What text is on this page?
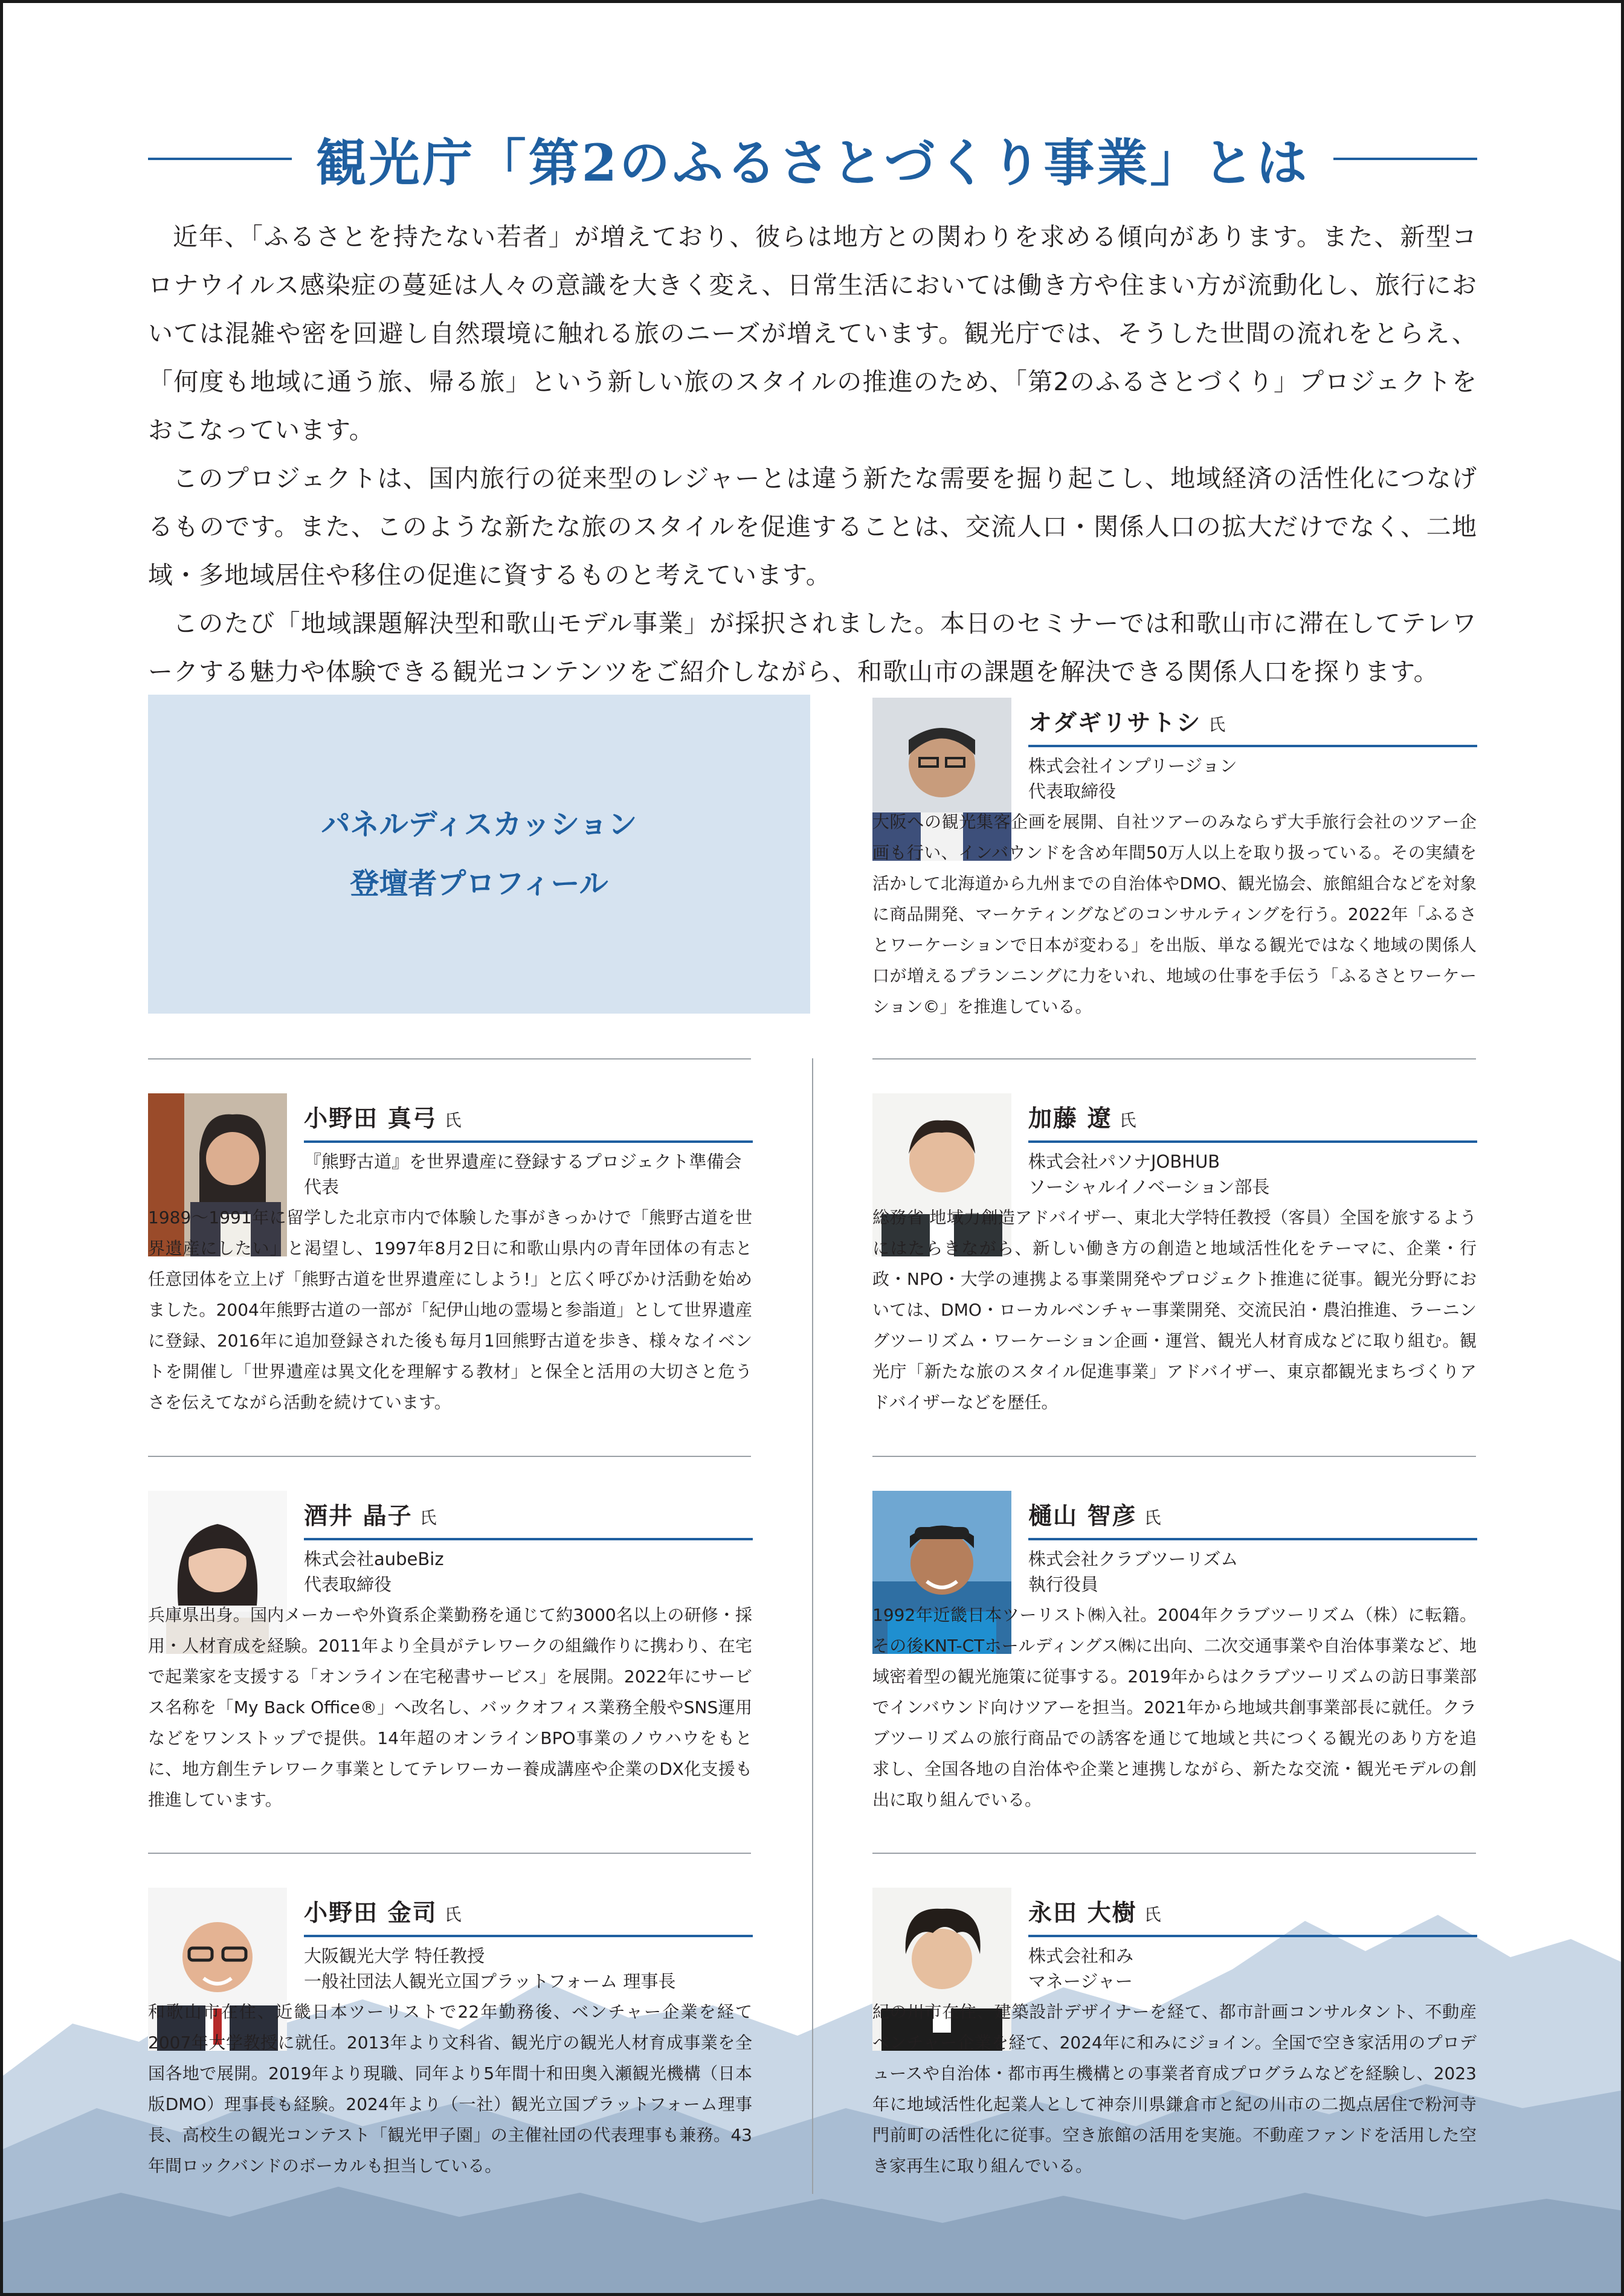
観光庁「第2のふるさとづくり事業」とは

近年、「ふるさとを持たない若者」が増えており、彼らは地方との関わりを求める傾向があります。また、新型コロナウイルス感染症の蔓延は人々の意識を大きく変え、日常生活においては働き方や住まい方が流動化し、旅行においては混雑や密を回避し自然環境に触れる旅のニーズが増えています。観光庁では、そうした世間の流れをとらえ、「何度も地域に通う旅、帰る旅」という新しい旅のスタイルの推進のため、「第2のふるさとづくり」プロジェクトをおこなっています。

このプロジェクトは、国内旅行の従来型のレジャーとは違う新たな需要を掘り起こし、地域経済の活性化につなげるものです。また、このような新たな旅のスタイルを促進することは、交流人口・関係人口の拡大だけでなく、二地域・多地域居住や移住の促進に資するものと考えています。

このたび「地域課題解決型和歌山モデル事業」が採択されました。本日のセミナーでは和歌山市に滞在してテレワークする魅力や体験できる観光コンテンツをご紹介しながら、和歌山市の課題を解決できる関係人口を探ります。

パネルディスカッション
登壇者プロフィール
オダギリサトシ 氏
株式会社インプリージョン
代表取締役
大阪への観光集客企画を展開、自社ツアーのみならず大手旅行会社のツアー企画も行い、インバウンドを含め年間50万人以上を取り扱っている。その実績を活かして北海道から九州までの自治体やDMO、観光協会、旅館組合などを対象に商品開発、マーケティングなどのコンサルティングを行う。2022年「ふるさとワーケーションで日本が変わる」を出版、単なる観光ではなく地域の関係人口が増えるプランニングに力をいれ、地域の仕事を手伝う「ふるさとワーケーション©」を推進している。
小野田 真弓 氏
『熊野古道』を世界遺産に登録するプロジェクト準備会
代表
1989〜1991年に留学した北京市内で体験した事がきっかけで「熊野古道を世界遺産にしたい」と渇望し、1997年8月2日に和歌山県内の青年団体の有志と任意団体を立上げ「熊野古道を世界遺産にしよう!」と広く呼びかけ活動を始めました。2004年熊野古道の一部が「紀伊山地の霊場と参詣道」として世界遺産に登録、2016年に追加登録された後も毎月1回熊野古道を歩き、様々なイベントを開催し「世界遺産は異文化を理解する教材」と保全と活用の大切さと危うさを伝えてながら活動を続けています。
加藤 遼 氏
株式会社パソナJOBHUB
ソーシャルイノベーション部長
総務省 地域力創造アドバイザー、東北大学特任教授（客員）全国を旅するようにはたらきながら、新しい働き方の創造と地域活性化をテーマに、企業・行政・NPO・大学の連携よる事業開発やプロジェクト推進に従事。観光分野においては、DMO・ローカルベンチャー事業開発、交流民泊・農泊推進、ラーニングツーリズム・ワーケーション企画・運営、観光人材育成などに取り組む。観光庁「新たな旅のスタイル促進事業」アドバイザー、東京都観光まちづくりアドバイザーなどを歴任。
酒井 晶子 氏
株式会社aubeBiz
代表取締役
兵庫県出身。国内メーカーや外資系企業勤務を通じて約3000名以上の研修・採用・人材育成を経験。2011年より全員がテレワークの組織作りに携わり、在宅で起業家を支援する「オンライン在宅秘書サービス」を展開。2022年にサービス名称を「My Back Office®」へ改名し、バックオフィス業務全般やSNS運用などをワンストップで提供。14年超のオンラインBPO事業のノウハウをもとに、地方創生テレワーク事業としてテレワーカー養成講座や企業のDX化支援も推進しています。
樋山 智彦 氏
株式会社クラブツーリズム
執行役員
1992年近畿日本ツーリスト㈱入社。2004年クラブツーリズム（株）に転籍。その後KNT-CTホールディングス㈱に出向、二次交通事業や自治体事業など、地域密着型の観光施策に従事する。2019年からはクラブツーリズムの訪日事業部でインバウンド向けツアーを担当。2021年から地域共創事業部長に就任。クラブツーリズムの旅行商品での誘客を通じて地域と共につくる観光のあり方を追求し、全国各地の自治体や企業と連携しながら、新たな交流・観光モデルの創出に取り組んでいる。
小野田 金司 氏
大阪観光大学 特任教授
一般社団法人観光立国プラットフォーム 理事長
和歌山市在住、近畿日本ツーリストで22年勤務後、ベンチャー企業を経て2007年大学教授に就任。2013年より文科省、観光庁の観光人材育成事業を全国各地で展開。2019年より現職、同年より5年間十和田奥入瀬観光機構（日本版DMO）理事長も経験。2024年より（一社）観光立国プラットフォーム理事長、高校生の観光コンテスト「観光甲子園」の主催社団の代表理事も兼務。43年間ロックバンドのボーカルも担当している。
永田 大樹 氏
株式会社和み
マネージャー
紀の川市在住、建築設計デザイナーを経て、都市計画コンサルタント、不動産ベンチャー企業を経て、2024年に和みにジョイン。全国で空き家活用のプロデュースや自治体・都市再生機構との事業者育成プログラムなどを経験し、2023年に地域活性化起業人として神奈川県鎌倉市と紀の川市の二拠点居住で粉河寺門前町の活性化に従事。空き旅館の活用を実施。不動産ファンドを活用した空き家再生に取り組んでいる。
